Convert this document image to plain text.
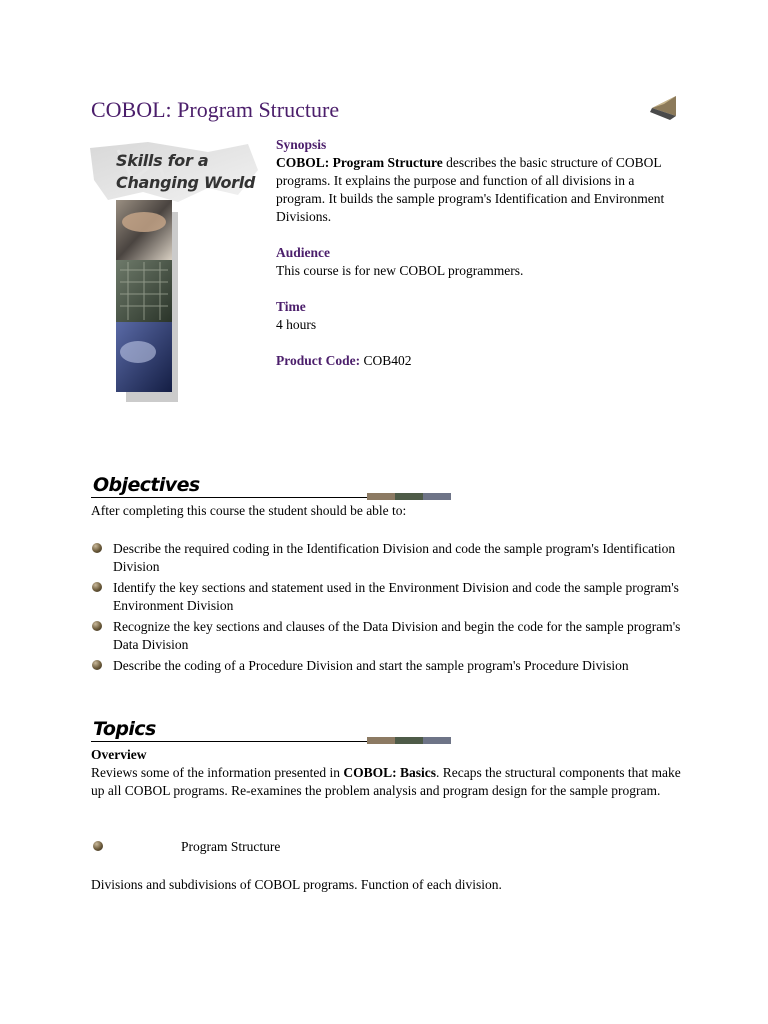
COBOL: Program Structure
Skills for a
Changing World
Synopsis

COBOL: Program Structure describes the basic structure of COBOL programs. It explains the purpose and function of all divisions in a program. It builds the sample program's Identification and Environment Divisions.

Audience

This course is for new COBOL programmers.

Time

4 hours

Product Code: COB402
Objectives
After completing this course the student should be able to:
Describe the required coding in the Identification Division and code the sample program's Identification Division
Identify the key sections and statement used in the Environment Division and code the sample program's Environment Division
Recognize the key sections and clauses of the Data Division and begin the code for the sample program's Data Division
Describe the coding of a Procedure Division and start the sample program's Procedure Division
Topics

Overview

Reviews some of the information presented in COBOL: Basics. Recaps the structural components that make up all COBOL programs. Re-examines the problem analysis and program design for the sample program.

Program Structure
Divisions and subdivisions of COBOL programs. Function of each division.
